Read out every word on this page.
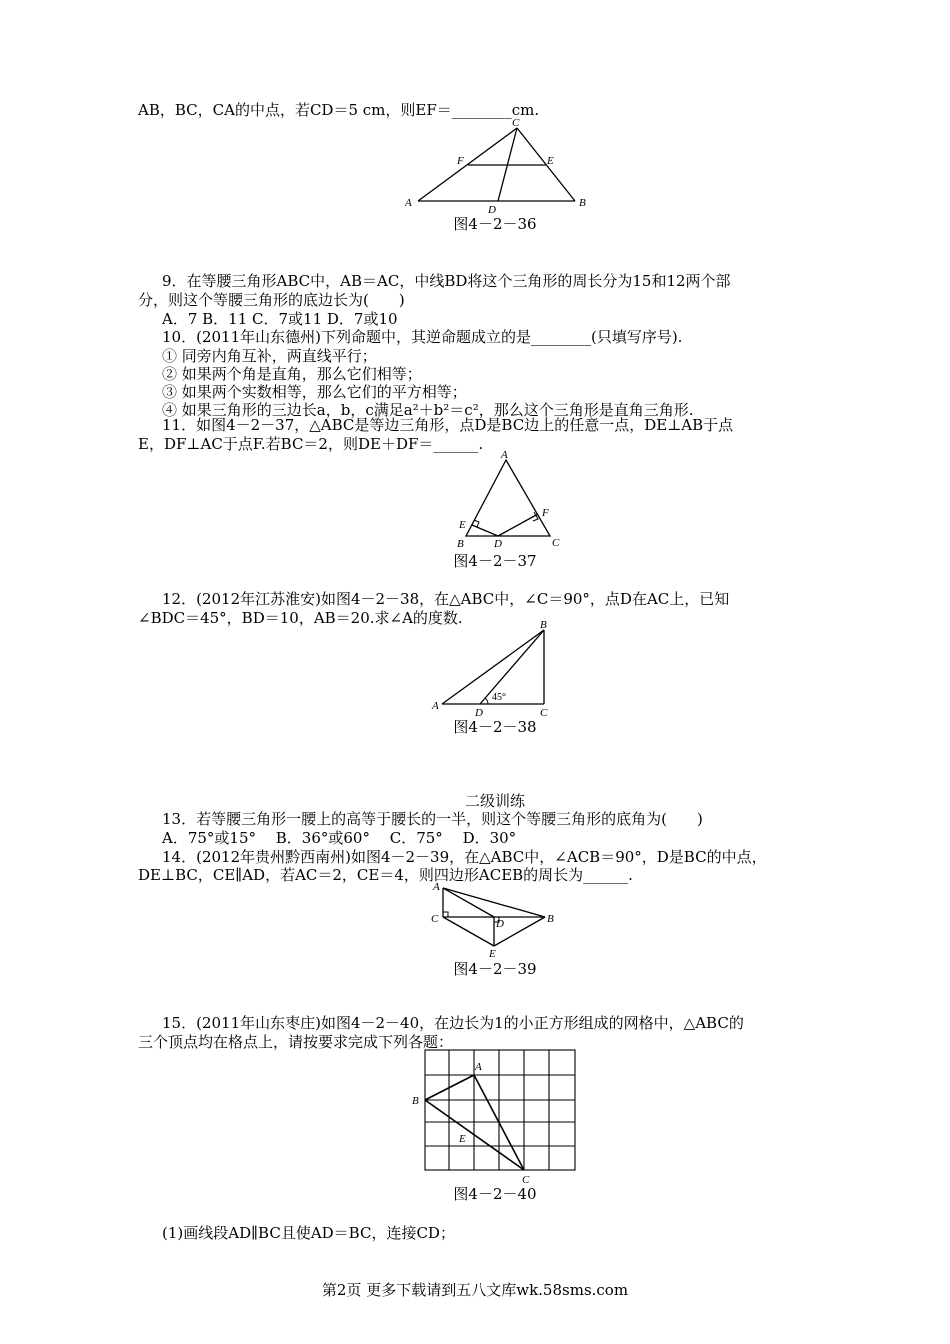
AB，BC，CA的中点，若CD＝5 cm，则EF＝________cm.
C
F	E
A	B
D
图4－2－36
9．在等腰三角形ABC中，AB＝AC，中线BD将这个三角形的周长分为15和12两个部
分，则这个等腰三角形的底边长为(　　)
A．7 B．11 C．7或11 D．7或10
10．(2011年山东德州)下列命题中，其逆命题成立的是________(只填写序号).
① 同旁内角互补，两直线平行；
② 如果两个角是直角，那么它们相等；
③ 如果两个实数相等，那么它们的平方相等；
④ 如果三角形的三边长a，b，c满足a²＋b²＝c²，那么这个三角形是直角三角形.
11．如图4－2－37，△ABC是等边三角形，点D是BC边上的任意一点，DE⊥AB于点
E，DF⊥AC于点F.若BC＝2，则DE＋DF＝______.
A
E
F
B	D	C
图4－2－37
12．(2012年江苏淮安)如图4－2－38，在△ABC中，∠C＝90°，点D在AC上，已知
∠BDC＝45°，BD＝10，AB＝20.求∠A的度数.
45°
B
A
D	C
图4－2－38
二级训练
13．若等腰三角形一腰上的高等于腰长的一半，则这个等腰三角形的底角为(　　)
A．75°或15°　 B．36°或60°　 C．75°　 D．30°
14．(2012年贵州黔西南州)如图4－2－39，在△ABC中，∠ACB＝90°，D是BC的中点，
DE⊥BC，CE∥AD，若AC＝2，CE＝4，则四边形ACEB的周长为______.
A
C	D	B
E
图4－2－39
15．(2011年山东枣庄)如图4－2－40，在边长为1的小正方形组成的网格中，△ABC的
三个顶点均在格点上，请按要求完成下列各题：
A
B
E
C
图4－2－40
(1)画线段AD∥BC且使AD＝BC，连接CD；
第2页 更多下载请到五八文库wk.58sms.com
